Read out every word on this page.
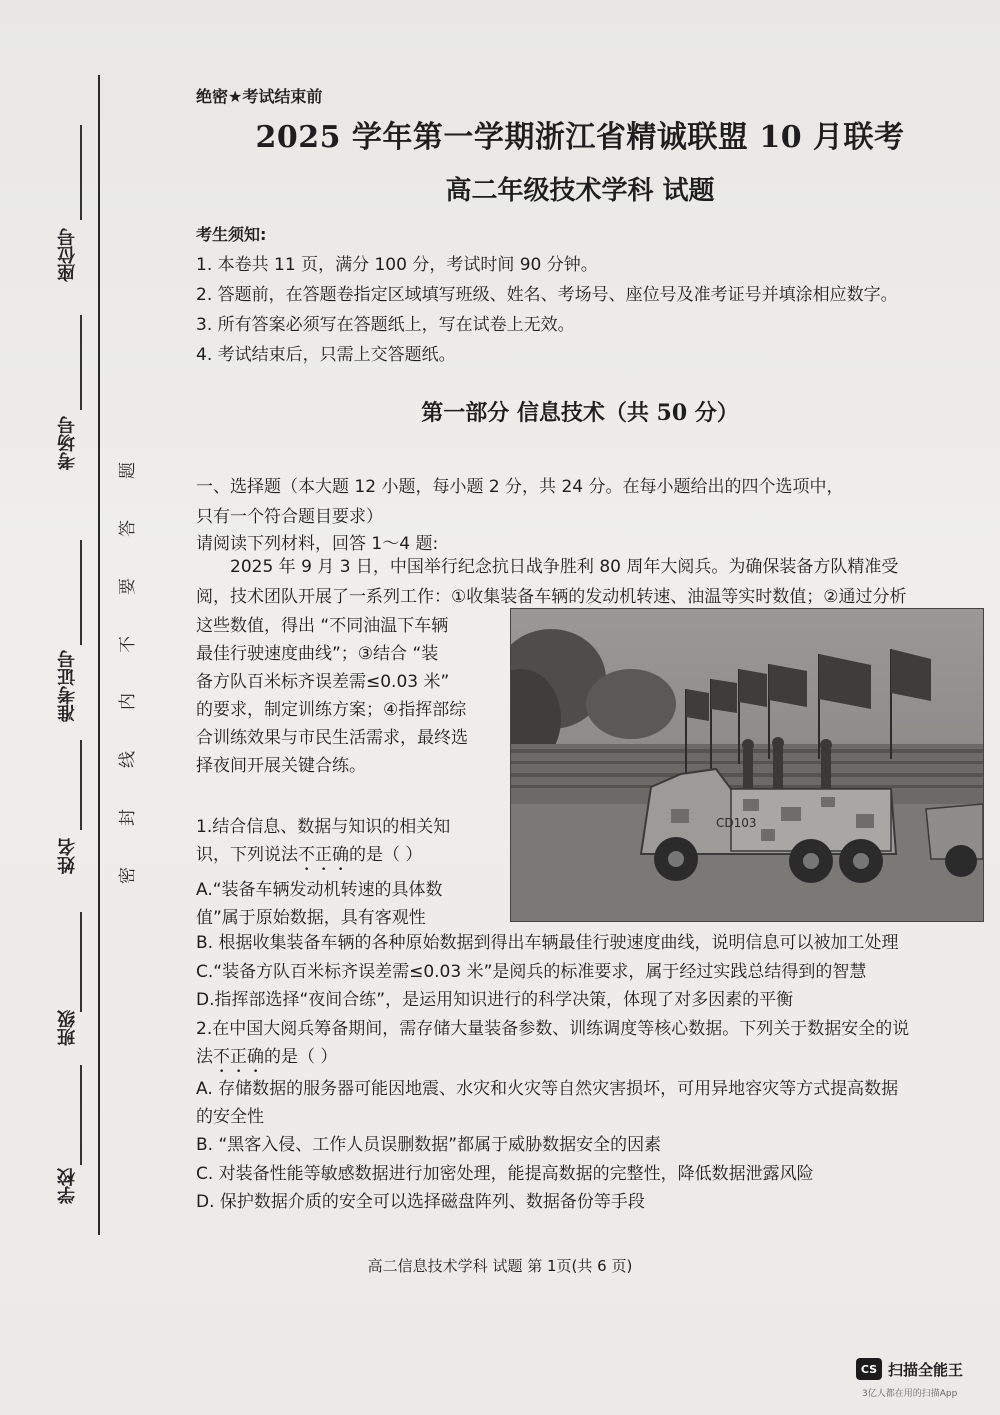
座位号
考场号
准考证号
姓名
班级
学校
题
答
要
不
内
线
封
密
绝密★考试结束前
2025 学年第一学期浙江省精诚联盟 10 月联考
高二年级技术学科 试题
考生须知:
1. 本卷共 11 页，满分 100 分，考试时间 90 分钟。
2. 答题前，在答题卷指定区域填写班级、姓名、考场号、座位号及准考证号并填涂相应数字。
3. 所有答案必须写在答题纸上，写在试卷上无效。
4. 考试结束后，只需上交答题纸。
第一部分 信息技术（共 50 分）
一、选择题（本大题 12 小题，每小题 2 分，共 24 分。在每小题给出的四个选项中，
只有一个符合题目要求）
请阅读下列材料，回答 1～4 题:
2025 年 9 月 3 日，中国举行纪念抗日战争胜利 80 周年大阅兵。为确保装备方队精准受
阅，技术团队开展了一系列工作：①收集装备车辆的发动机转速、油温等实时数值；②通过分析
这些数值，得出 “不同油温下车辆
最佳行驶速度曲线”；③结合 “装
备方队百米标齐误差需≤0.03 米”
的要求，制定训练方案；④指挥部综
合训练效果与市民生活需求，最终选
择夜间开展关键合练。
CD103
1.结合信息、数据与知识的相关知
识，下列说法不正确的是（ ）
A.“装备车辆发动机转速的具体数
值”属于原始数据，具有客观性
B. 根据收集装备车辆的各种原始数据到得出车辆最佳行驶速度曲线，说明信息可以被加工处理
C.“装备方队百米标齐误差需≤0.03 米”是阅兵的标准要求，属于经过实践总结得到的智慧
D.指挥部选择“夜间合练”，是运用知识进行的科学决策，体现了对多因素的平衡
2.在中国大阅兵筹备期间，需存储大量装备参数、训练调度等核心数据。下列关于数据安全的说
法不正确的是（ ）
A. 存储数据的服务器可能因地震、水灾和火灾等自然灾害损坏，可用异地容灾等方式提高数据
的安全性
B. “黑客入侵、工作人员误删数据”都属于威胁数据安全的因素
C. 对装备性能等敏感数据进行加密处理，能提高数据的完整性，降低数据泄露风险
D. 保护数据介质的安全可以选择磁盘阵列、数据备份等手段
高二信息技术学科 试题 第 1页(共 6 页)
CS 扫描全能王
3亿人都在用的扫描App
